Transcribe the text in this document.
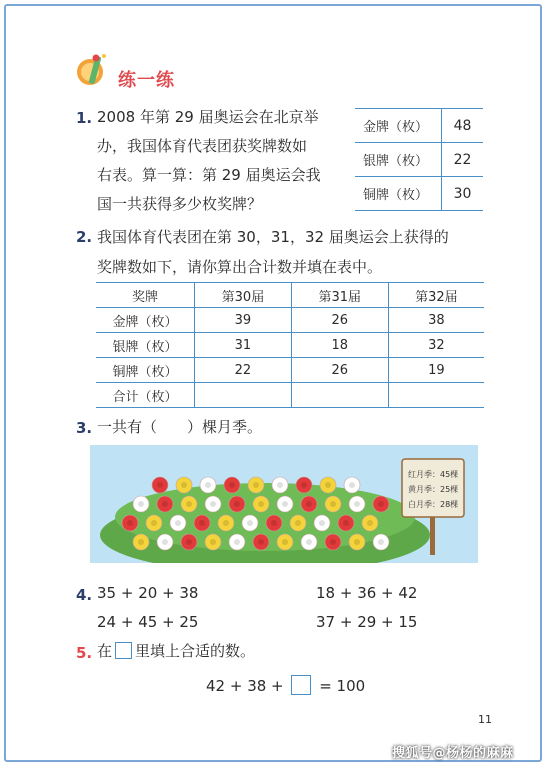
练一练
1. 2008 年第 29 届奥运会在北京举
办，我国体育代表团获奖牌数如
右表。算一算：第 29 届奥运会我
国一共获得多少枚奖牌？
金牌（枚）	48
银牌（枚）	22
铜牌（枚）	30
2. 我国体育代表团在第 30，31，32 届奥运会上获得的
奖牌数如下，请你算出合计数并填在表中。
奖牌	第30届	第31届	第32届
金牌（枚）	39	26	38
银牌（枚）	31	18	32
铜牌（枚）	22	26	19
合计（枚）			
3. 一共有（　　）棵月季。
红月季：45棵
黄月季：25棵
白月季：28棵
4. 35 + 20 + 38	18 + 36 + 42
24 + 45 + 25	37 + 29 + 15
5. 在 里填上合适的数。
42 + 38 + = 100
11
搜狐号@杨杨的麻麻
